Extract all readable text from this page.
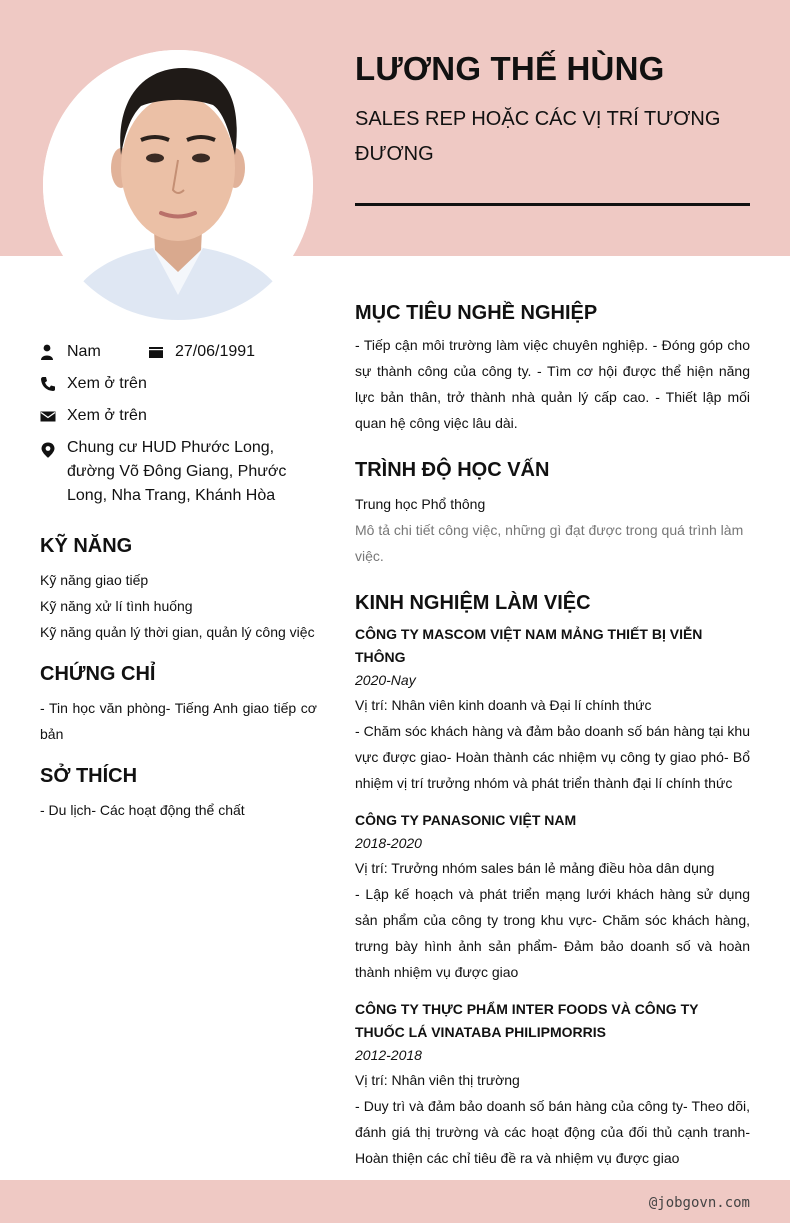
LƯƠNG THẾ HÙNG

SALES REP HOẶC CÁC VỊ TRÍ TƯƠNG ĐƯƠNG

Nam	27/06/1991
Xem ở trên
Xem ở trên
Chung cư HUD Phước Long, đường Võ Đông Giang, Phước Long, Nha Trang, Khánh Hòa
KỸ NĂNG
Kỹ năng giao tiếp
Kỹ năng xử lí tình huống
Kỹ năng quản lý thời gian, quản lý công việc
CHỨNG CHỈ
- Tin học văn phòng- Tiếng Anh giao tiếp cơ bản
SỞ THÍCH
- Du lịch- Các hoạt động thể chất
MỤC TIÊU NGHỀ NGHIỆP
- Tiếp cận môi trường làm việc chuyên nghiệp. - Đóng góp cho sự thành công của công ty. - Tìm cơ hội được thể hiện năng lực bản thân, trở thành nhà quản lý cấp cao. - Thiết lập mối quan hệ công việc lâu dài.
TRÌNH ĐỘ HỌC VẤN
Trung học Phổ thông
Mô tả chi tiết công việc, những gì đạt được trong quá trình làm việc.
KINH NGHIỆM LÀM VIỆC
CÔNG TY MASCOM VIỆT NAM MẢNG THIẾT BỊ VIỄN THÔNG
2020-Nay
Vị trí: Nhân viên kinh doanh và Đại lí chính thức
- Chăm sóc khách hàng và đảm bảo doanh số bán hàng tại khu vực được giao- Hoàn thành các nhiệm vụ công ty giao phó- Bổ nhiệm vị trí trưởng nhóm và phát triển thành đại lí chính thức
CÔNG TY PANASONIC VIỆT NAM
2018-2020
Vị trí: Trưởng nhóm sales bán lẻ mảng điều hòa dân dụng
- Lập kế hoạch và phát triển mạng lưới khách hàng sử dụng sản phẩm của công ty trong khu vực- Chăm sóc khách hàng, trưng bày hình ảnh sản phẩm- Đảm bảo doanh số và hoàn thành nhiệm vụ được giao
CÔNG TY THỰC PHẨM INTER FOODS VÀ CÔNG TY THUỐC LÁ VINATABA PHILIPMORRIS
2012-2018
Vị trí: Nhân viên thị trường
- Duy trì và đảm bảo doanh số bán hàng của công ty- Theo dõi, đánh giá thị trường và các hoạt động của đối thủ cạnh tranh- Hoàn thiện các chỉ tiêu đề ra và nhiệm vụ được giao
@jobgovn.com
